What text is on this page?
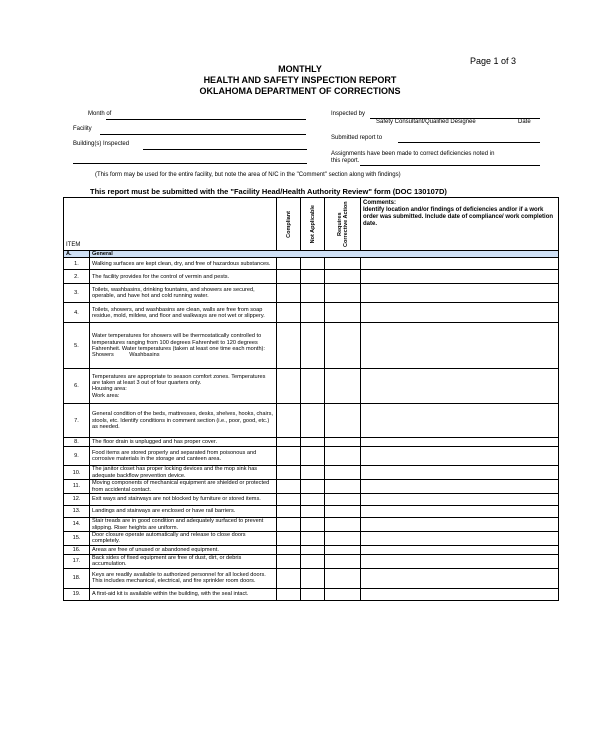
Page 1 of 3
MONTHLY
HEALTH AND SAFETY INSPECTION REPORT
OKLAHOMA DEPARTMENT OF CORRECTIONS
Month of
Facility
Building(s) Inspected
Inspected by
Safety Consultant/Qualified Designee	Date
Submitted report to
Assignments have been made to correct deficiencies noted in
this report.
(This form may be used for the entire facility, but note the area of N/C in the "Comment" section along with findings)
This report must be submitted with the "Facility Head/Health Authority Review" form (DOC 130107D)
ITEM		Compliant	Not Applicable	Requires Corrective Action	Comments:
Identify location and/or findings of deficiencies and/or if a work order was submitted. Include date of compliance/ work completion date.

A.	General				
1.	Walking surfaces are kept clean, dry, and free of hazardous substances.				

2.	The facility provides for the control of vermin and pests.				

3.	Toilets, washbasins, drinking fountains, and showers are secured, operable, and have hot and cold running water.				

4.	Toilets, showers, and washbasins are clean, walls are free from soap residue, mold, mildew, and floor and walkways are not wet or slippery.				

5.	Water temperatures for showers will be thermostatically controlled to temperatures ranging from 100 degrees Fahrenheit to 120 degrees Fahrenheit. Water temperatures (taken at least one time each month):
Showers          Washbasins				

6.	Temperatures are appropriate to season comfort zones. Temperatures are taken at least 3 out of four quarters only.
Housing area:
Work area:				

7.	General condition of the beds, mattresses, desks, shelves, hooks, chairs, stools, etc. Identify conditions in comment section (i.e., poor, good, etc.) as needed.				

8.	The floor drain is unplugged and has proper cover.				

9.	Food items are stored properly and separated from poisonous and corrosive materials in the storage and canteen area.				

10.	The janitor closet has proper locking devices and the mop sink has adequate backflow prevention device.				

11.	Moving components of mechanical equipment are shielded or protected from accidental contact.				

12.	Exit ways and stairways are not blocked by furniture or stored items.				

13.	Landings and stairways are enclosed or have rail barriers.				

14.	Stair treads are in good condition and adequately surfaced to prevent slipping. Riser heights are uniform.				

15.	Door closure operate automatically and release to close doors completely.				

16.	Areas are free of unused or abandoned equipment.				

17.	Back sides of fixed equipment are free of dust, dirt, or debris accumulation.				

18.	Keys are readily available to authorized personnel for all locked doors. This includes mechanical, electrical, and fire sprinkler room doors.				

19.	A first-aid kit is available within the building, with the seal intact.				
